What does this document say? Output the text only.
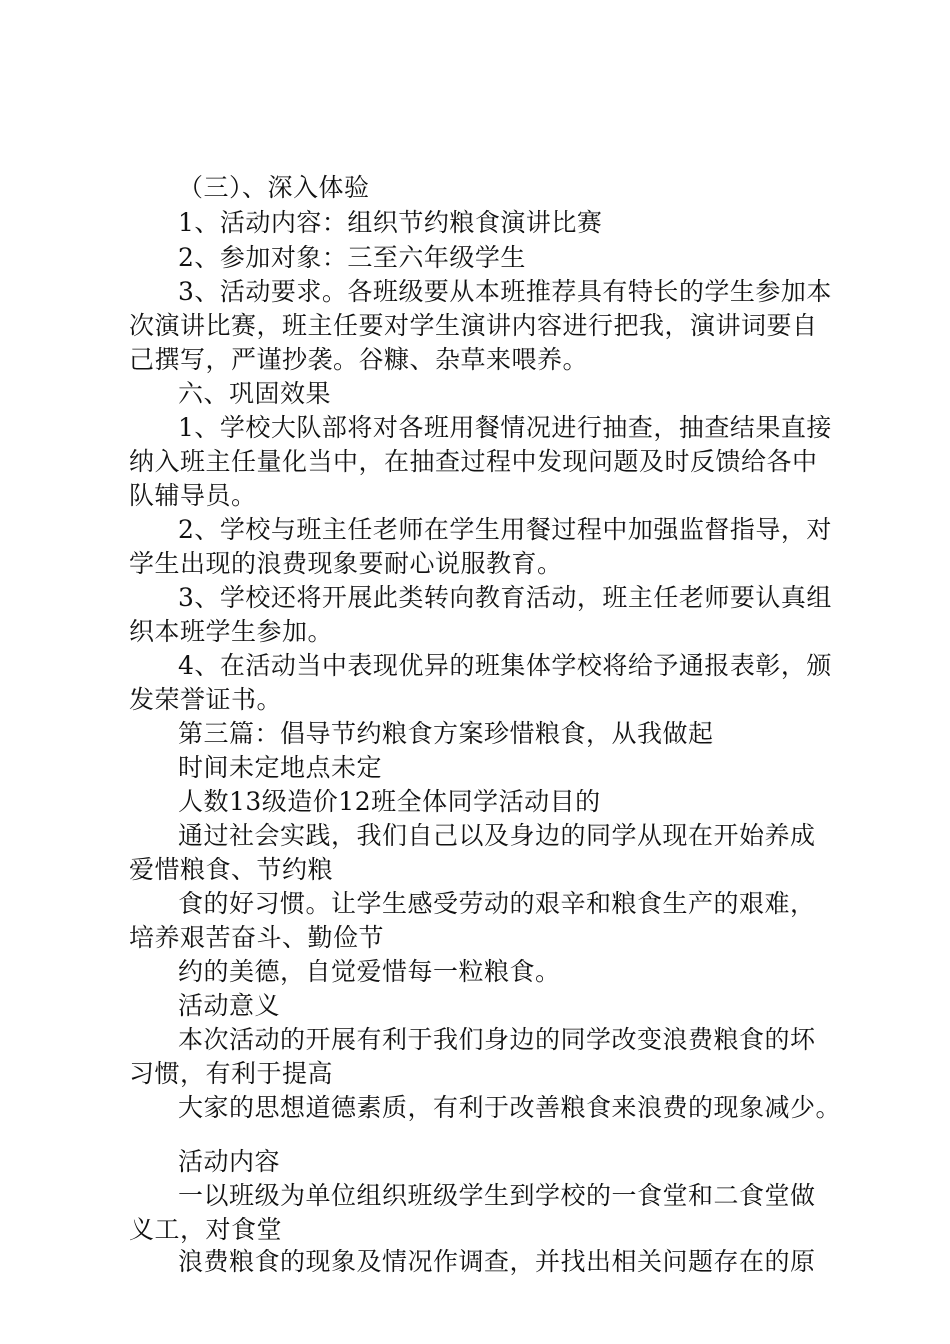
（三）、深入体验
1、活动内容：组织节约粮食演讲比赛
2、参加对象：三至六年级学生
3、活动要求。各班级要从本班推荐具有特长的学生参加本
次演讲比赛，班主任要对学生演讲内容进行把我，演讲词要自
己撰写，严谨抄袭。谷糠、杂草来喂养。
六、巩固效果
1、学校大队部将对各班用餐情况进行抽查，抽查结果直接
纳入班主任量化当中，在抽查过程中发现问题及时反馈给各中
队辅导员。
2、学校与班主任老师在学生用餐过程中加强监督指导，对
学生出现的浪费现象要耐心说服教育。
3、学校还将开展此类转向教育活动，班主任老师要认真组
织本班学生参加。
4、在活动当中表现优异的班集体学校将给予通报表彰，颁
发荣誉证书。
第三篇：倡导节约粮食方案珍惜粮食，从我做起
时间未定地点未定
人数13级造价12班全体同学活动目的
通过社会实践，我们自己以及身边的同学从现在开始养成
爱惜粮食、节约粮
食的好习惯。让学生感受劳动的艰辛和粮食生产的艰难，
培养艰苦奋斗、勤俭节
约的美德，自觉爱惜每一粒粮食。
活动意义
本次活动的开展有利于我们身边的同学改变浪费粮食的坏
习惯，有利于提高
大家的思想道德素质，有利于改善粮食来浪费的现象减少。
活动内容
一以班级为单位组织班级学生到学校的一食堂和二食堂做
义工，对食堂
浪费粮食的现象及情况作调查，并找出相关问题存在的原
